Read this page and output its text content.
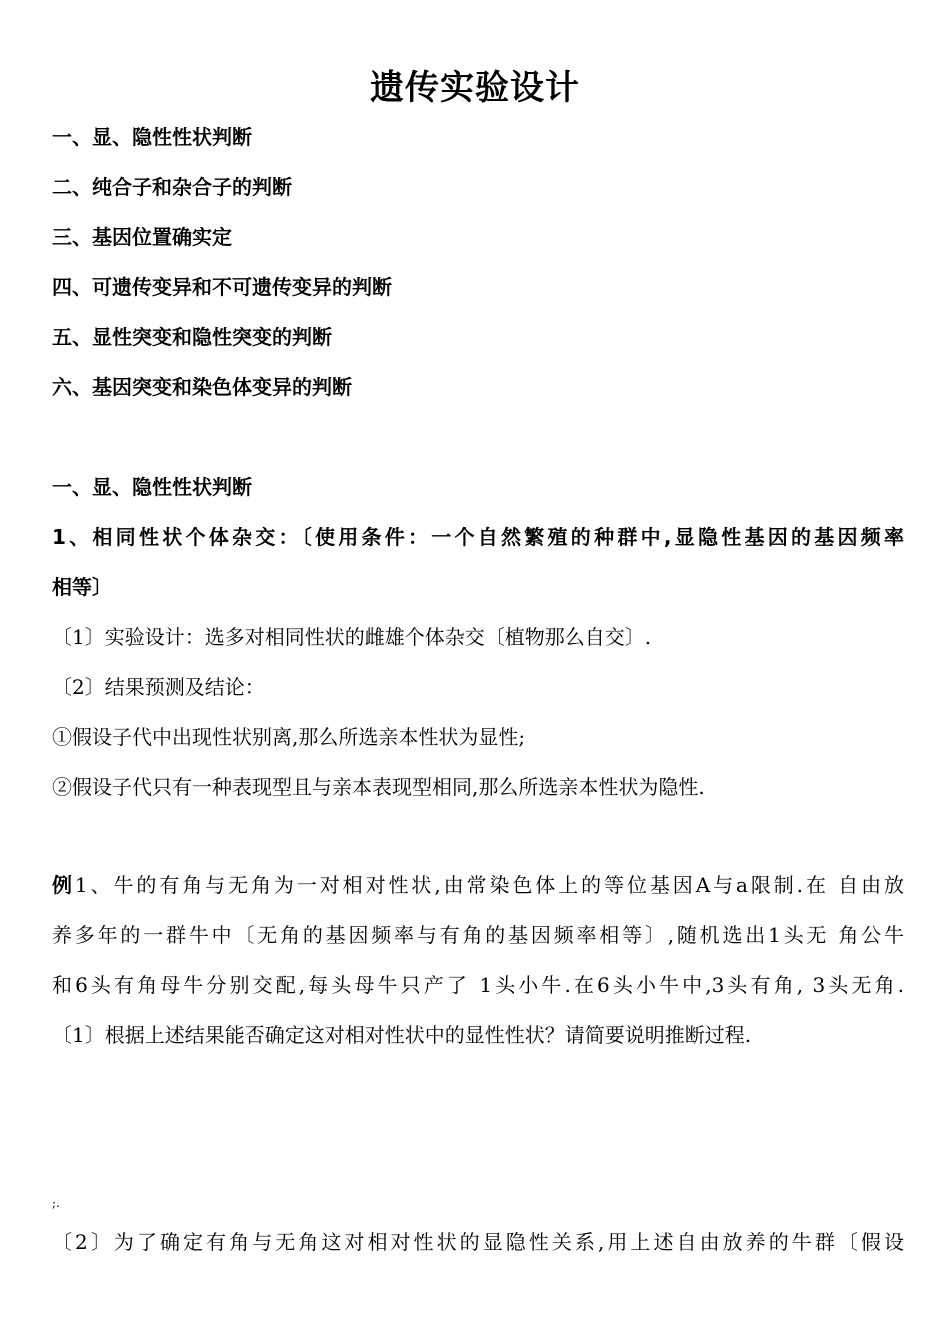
遗传实验设计
一、显、隐性性状判断
二、纯合子和杂合子的判断
三、基因位置确实定
四、可遗传变异和不可遗传变异的判断
五、显性突变和隐性突变的判断
六、基因突变和染色体变异的判断
一、显、隐性性状判断
1、相同性状个体杂交：〔使用条件：一个自然繁殖的种群中,显隐性基因的基因频率
相等〕
〔1〕实验设计：选多对相同性状的雌雄个体杂交〔植物那么自交〕.
〔2〕结果预测及结论：
①假设子代中出现性状别离,那么所选亲本性状为显性;
②假设子代只有一种表现型且与亲本表现型相同,那么所选亲本性状为隐性.
例1、牛的有角与无角为一对相对性状,由常染色体上的等位基因A与a限制.在 自由放
养多年的一群牛中〔无角的基因频率与有角的基因频率相等〕,随机选出1头无 角公牛
和6头有角母牛分别交配,每头母牛只产了 1头小牛.在6头小牛中,3头有角, 3头无角.
〔1〕根据上述结果能否确定这对相对性状中的显性性状？请简要说明推断过程.
;.
〔2〕为了确定有角与无角这对相对性状的显隐性关系,用上述自由放养的牛群〔假设
